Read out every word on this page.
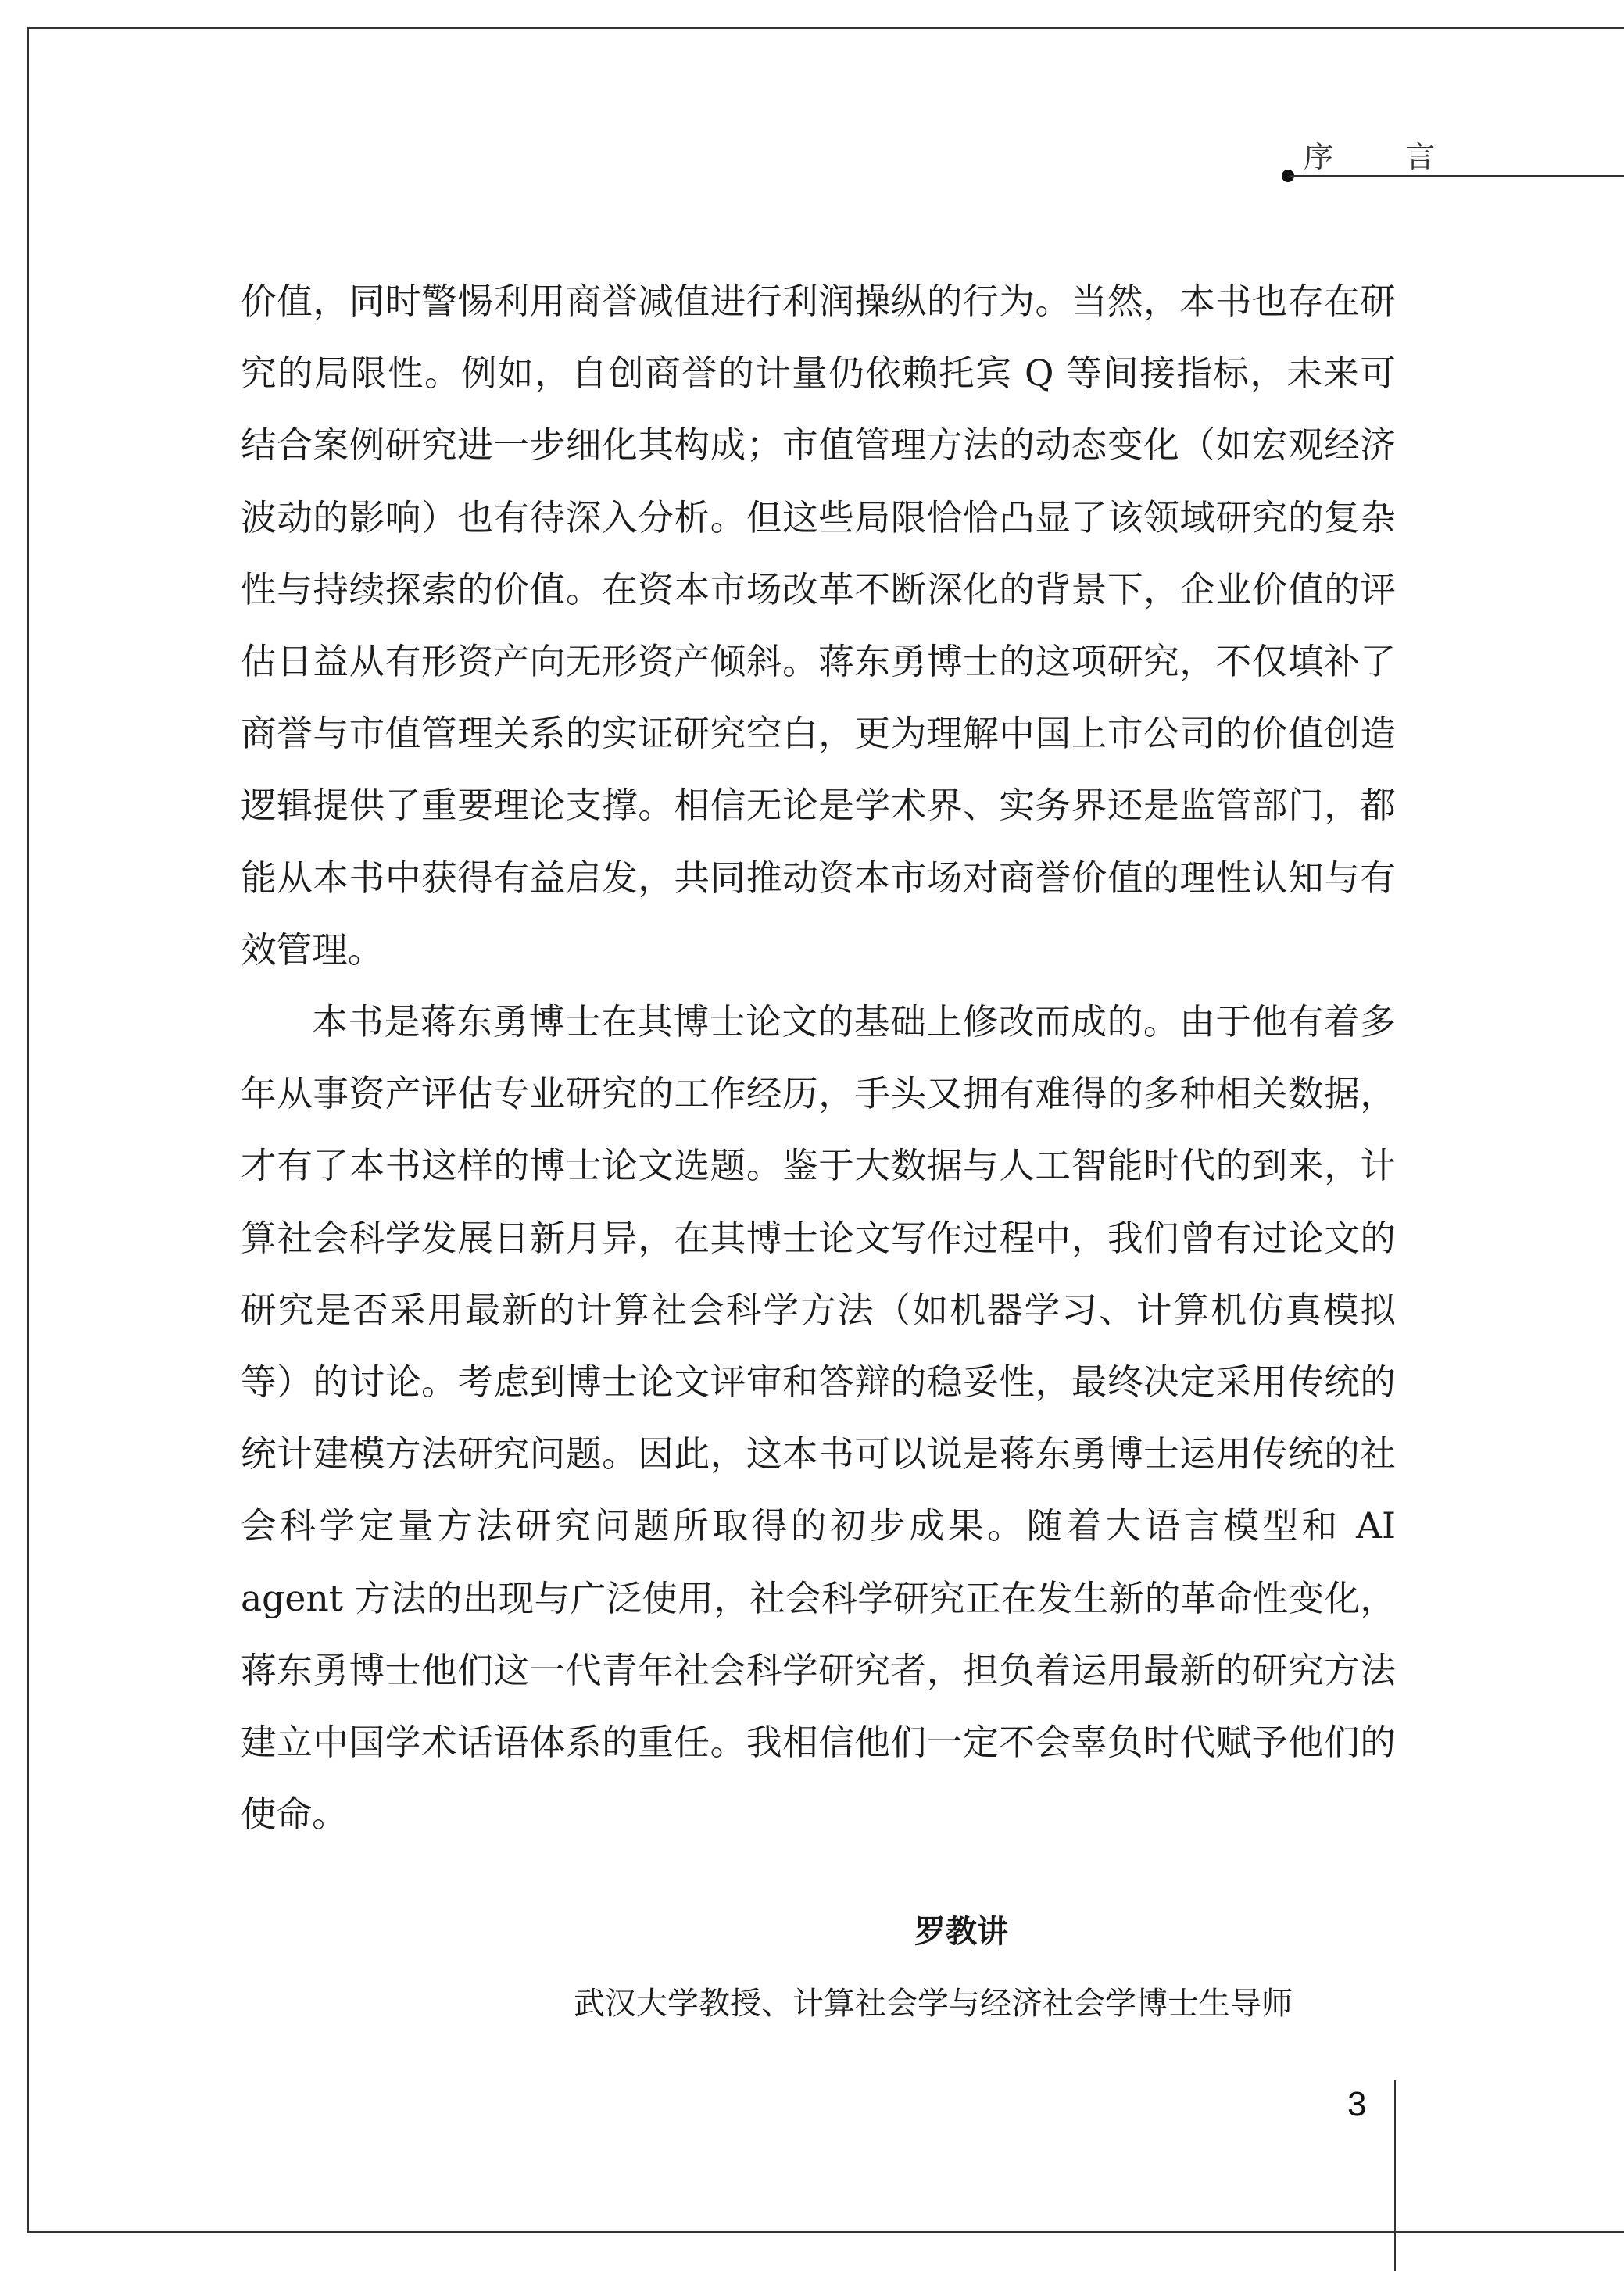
序 言

价值，同时警惕利用商誉减值进行利润操纵的行为。当然，本书也存在研究的局限性。例如，自创商誉的计量仍依赖托宾 Q 等间接指标，未来可结合案例研究进一步细化其构成；市值管理方法的动态变化（如宏观经济波动的影响）也有待深入分析。但这些局限恰恰凸显了该领域研究的复杂性与持续探索的价值。在资本市场改革不断深化的背景下，企业价值的评估日益从有形资产向无形资产倾斜。蒋东勇博士的这项研究，不仅填补了商誉与市值管理关系的实证研究空白，更为理解中国上市公司的价值创造逻辑提供了重要理论支撑。相信无论是学术界、实务界还是监管部门，都能从本书中获得有益启发，共同推动资本市场对商誉价值的理性认知与有效管理。

本书是蒋东勇博士在其博士论文的基础上修改而成的。由于他有着多年从事资产评估专业研究的工作经历，手头又拥有难得的多种相关数据，才有了本书这样的博士论文选题。鉴于大数据与人工智能时代的到来，计算社会科学发展日新月异，在其博士论文写作过程中，我们曾有过论文的研究是否采用最新的计算社会科学方法（如机器学习、计算机仿真模拟等）的讨论。考虑到博士论文评审和答辩的稳妥性，最终决定采用传统的统计建模方法研究问题。因此，这本书可以说是蒋东勇博士运用传统的社会科学定量方法研究问题所取得的初步成果。随着大语言模型和 AI agent 方法的出现与广泛使用，社会科学研究正在发生新的革命性变化，蒋东勇博士他们这一代青年社会科学研究者，担负着运用最新的研究方法建立中国学术话语体系的重任。我相信他们一定不会辜负时代赋予他们的使命。

罗教讲
武汉大学教授、计算社会学与经济社会学博士生导师
3
